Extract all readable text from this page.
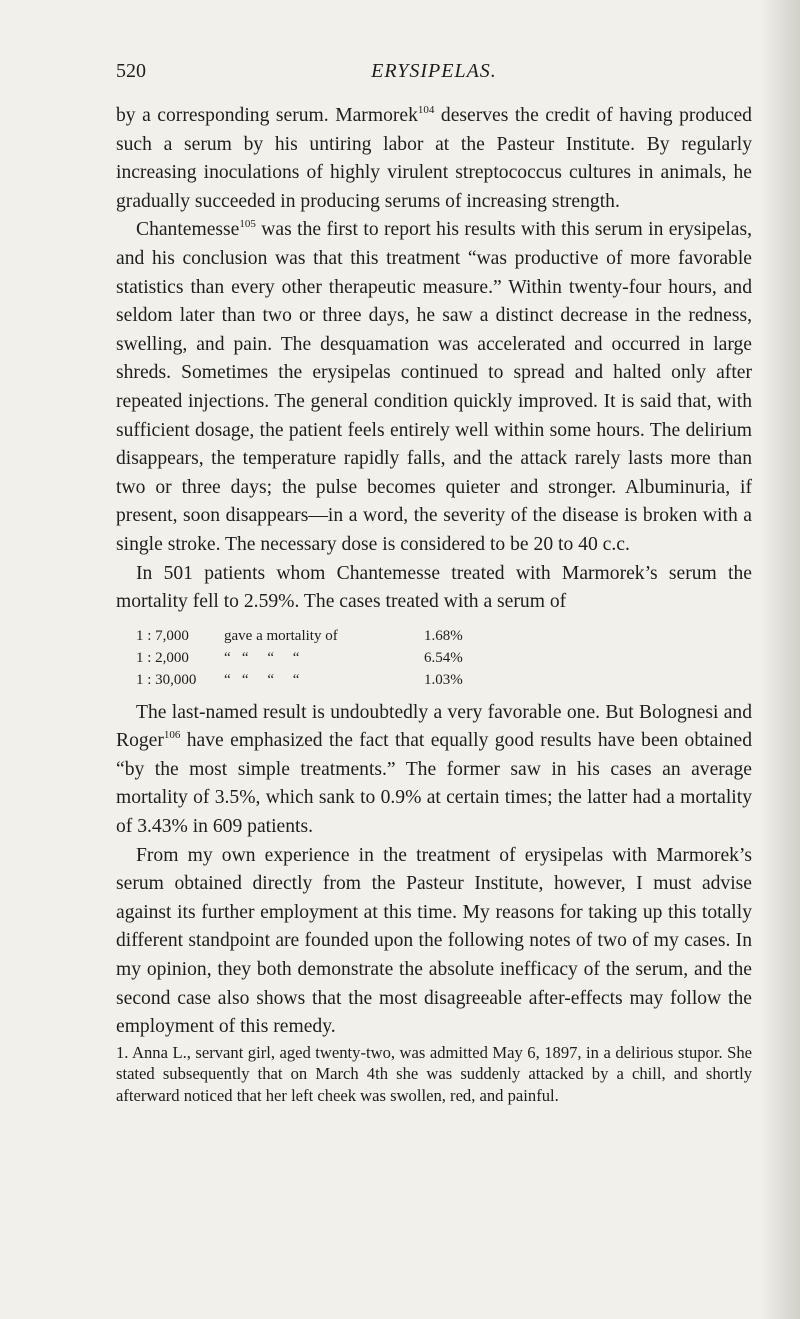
520	ERYSIPELAS.

by a corresponding serum. Marmorek$^{104}$ deserves the credit of having produced such a serum by his untiring labor at the Pasteur Institute. By regularly increasing inoculations of highly virulent streptococcus cultures in animals, he gradually succeeded in producing serums of increasing strength.

Chantemesse$^{105}$ was the first to report his results with this serum in erysipelas, and his conclusion was that this treatment “was productive of more favorable statistics than every other therapeutic measure.” Within twenty-four hours, and seldom later than two or three days, he saw a distinct decrease in the redness, swelling, and pain. The desquamation was accelerated and occurred in large shreds. Sometimes the erysipelas continued to spread and halted only after repeated injections. The general condition quickly improved. It is said that, with sufficient dosage, the patient feels entirely well within some hours. The delirium disappears, the temperature rapidly falls, and the attack rarely lasts more than two or three days; the pulse becomes quieter and stronger. Albuminuria, if present, soon disappears—in a word, the severity of the disease is broken with a single stroke. The necessary dose is considered to be 20 to 40 c.c.

In 501 patients whom Chantemesse treated with Marmorek’s serum the mortality fell to 2.59%. The cases treated with a serum of

1 : 7,000	gave a mortality of	1.68%
1 : 2,000	“   “     “     “	6.54%
1 : 30,000	“   “     “     “	1.03%

The last-named result is undoubtedly a very favorable one. But Bolognesi and Roger$^{106}$ have emphasized the fact that equally good results have been obtained “by the most simple treatments.” The former saw in his cases an average mortality of 3.5%, which sank to 0.9% at certain times; the latter had a mortality of 3.43% in 609 patients.

From my own experience in the treatment of erysipelas with Marmorek’s serum obtained directly from the Pasteur Institute, however, I must advise against its further employment at this time. My reasons for taking up this totally different standpoint are founded upon the following notes of two of my cases. In my opinion, they both demonstrate the absolute inefficacy of the serum, and the second case also shows that the most disagreeable after-effects may follow the employment of this remedy.

1. Anna L., servant girl, aged twenty-two, was admitted May 6, 1897, in a delirious stupor. She stated subsequently that on March 4th she was suddenly attacked by a chill, and shortly afterward noticed that her left cheek was swollen, red, and painful.
